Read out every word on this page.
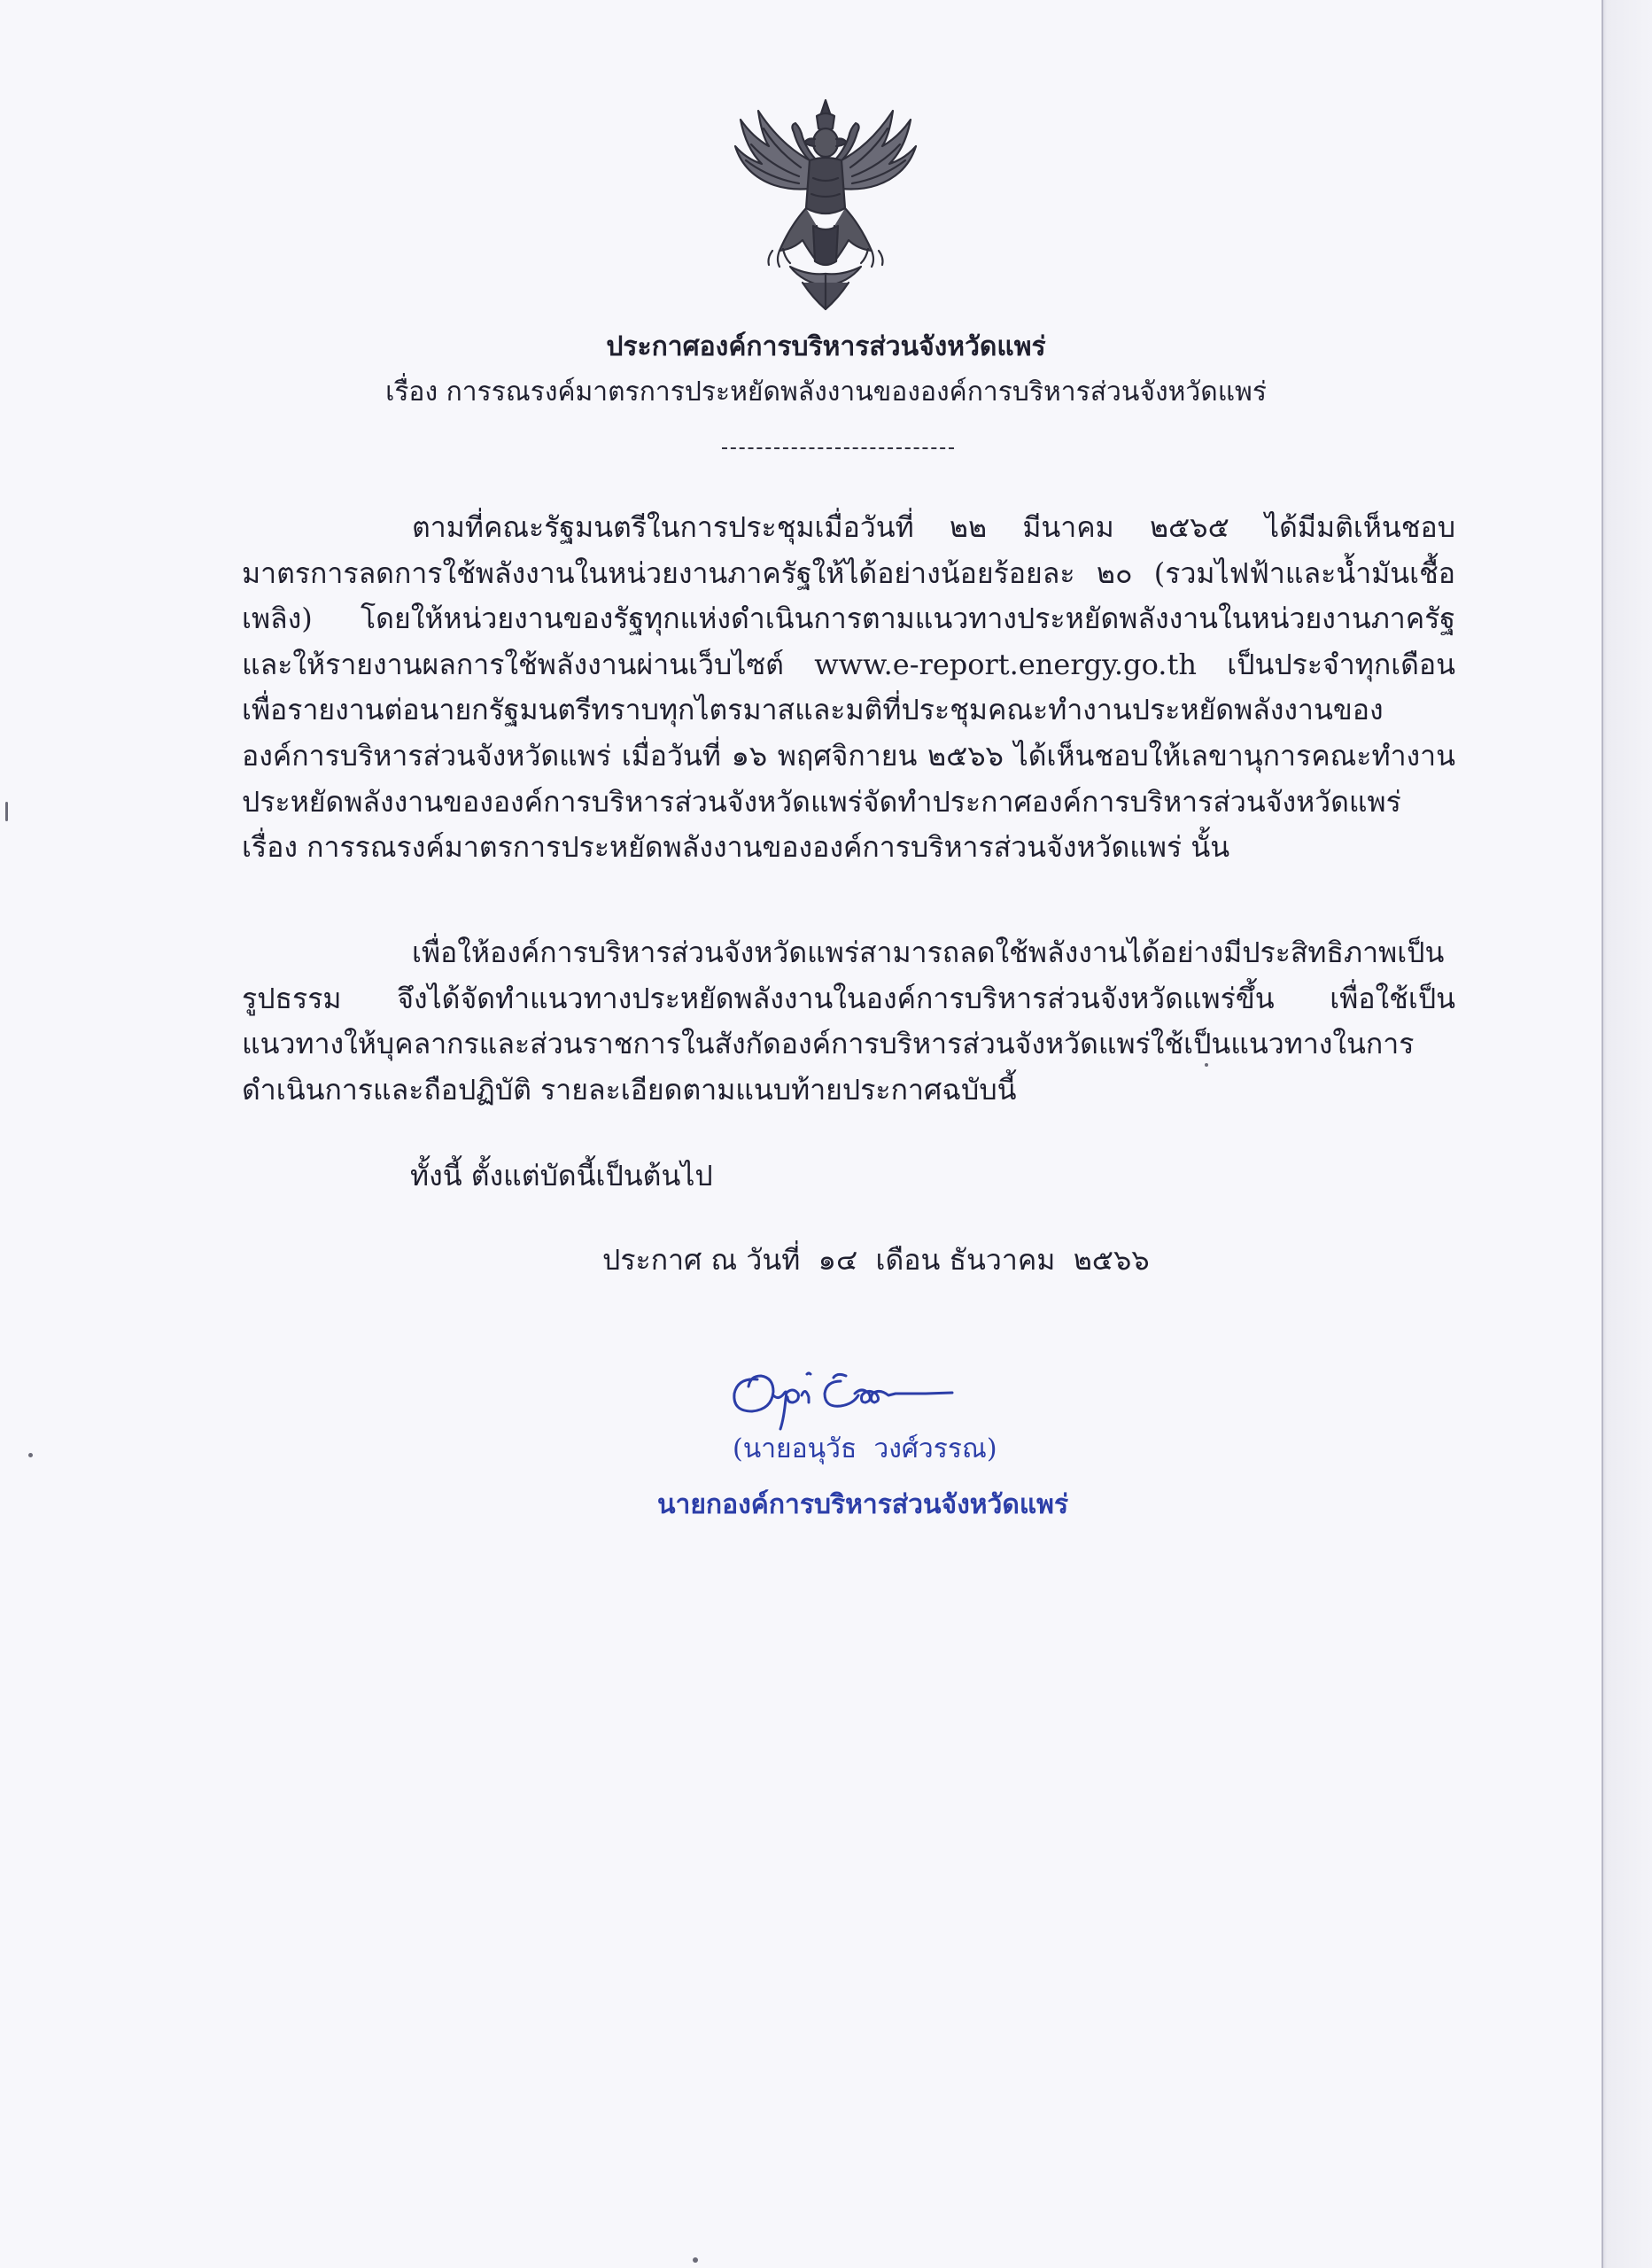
ประกาศองค์การบริหารส่วนจังหวัดแพร่
เรื่อง การรณรงค์มาตรการประหยัดพลังงานขององค์การบริหารส่วนจังหวัดแพร่

ตามที่คณะรัฐมนตรีในการประชุมเมื่อวันที่ ๒๒ มีนาคม ๒๕๖๕ ได้มีมติเห็นชอบมาตรการลดการใช้พลังงานในหน่วยงานภาครัฐให้ได้อย่างน้อยร้อยละ ๒๐ (รวมไฟฟ้าและน้ำมันเชื้อเพลิง) โดยให้หน่วยงานของรัฐทุกแห่งดำเนินการตามแนวทางประหยัดพลังงานในหน่วยงานภาครัฐและให้รายงานผลการใช้พลังงานผ่านเว็บไซต์ www.e-report.energy.go.th เป็นประจำทุกเดือน เพื่อรายงานต่อนายกรัฐมนตรีทราบทุกไตรมาสและมติที่ประชุมคณะทำงานประหยัดพลังงานขององค์การบริหารส่วนจังหวัดแพร่ เมื่อวันที่ ๑๖ พฤศจิกายน ๒๕๖๖ ได้เห็นชอบให้เลขานุการคณะทำงานประหยัดพลังงานขององค์การบริหารส่วนจังหวัดแพร่จัดทำประกาศองค์การบริหารส่วนจังหวัดแพร่ เรื่อง การรณรงค์มาตรการประหยัดพลังงานขององค์การบริหารส่วนจังหวัดแพร่ นั้น

เพื่อให้องค์การบริหารส่วนจังหวัดแพร่สามารถลดใช้พลังงานได้อย่างมีประสิทธิภาพเป็นรูปธรรม จึงได้จัดทำแนวทางประหยัดพลังงานในองค์การบริหารส่วนจังหวัดแพร่ขึ้น เพื่อใช้เป็นแนวทางให้บุคลากรและส่วนราชการในสังกัดองค์การบริหารส่วนจังหวัดแพร่ใช้เป็นแนวทางในการดำเนินการและถือปฏิบัติ รายละเอียดตามแนบท้ายประกาศฉบับนี้

ทั้งนี้ ตั้งแต่บัดนี้เป็นต้นไป
ประกาศ ณ วันที่  ๑๔  เดือน ธันวาคม  ๒๕๖๖
(นายอนุวัธ  วงศ์วรรณ)
นายกองค์การบริหารส่วนจังหวัดแพร่
